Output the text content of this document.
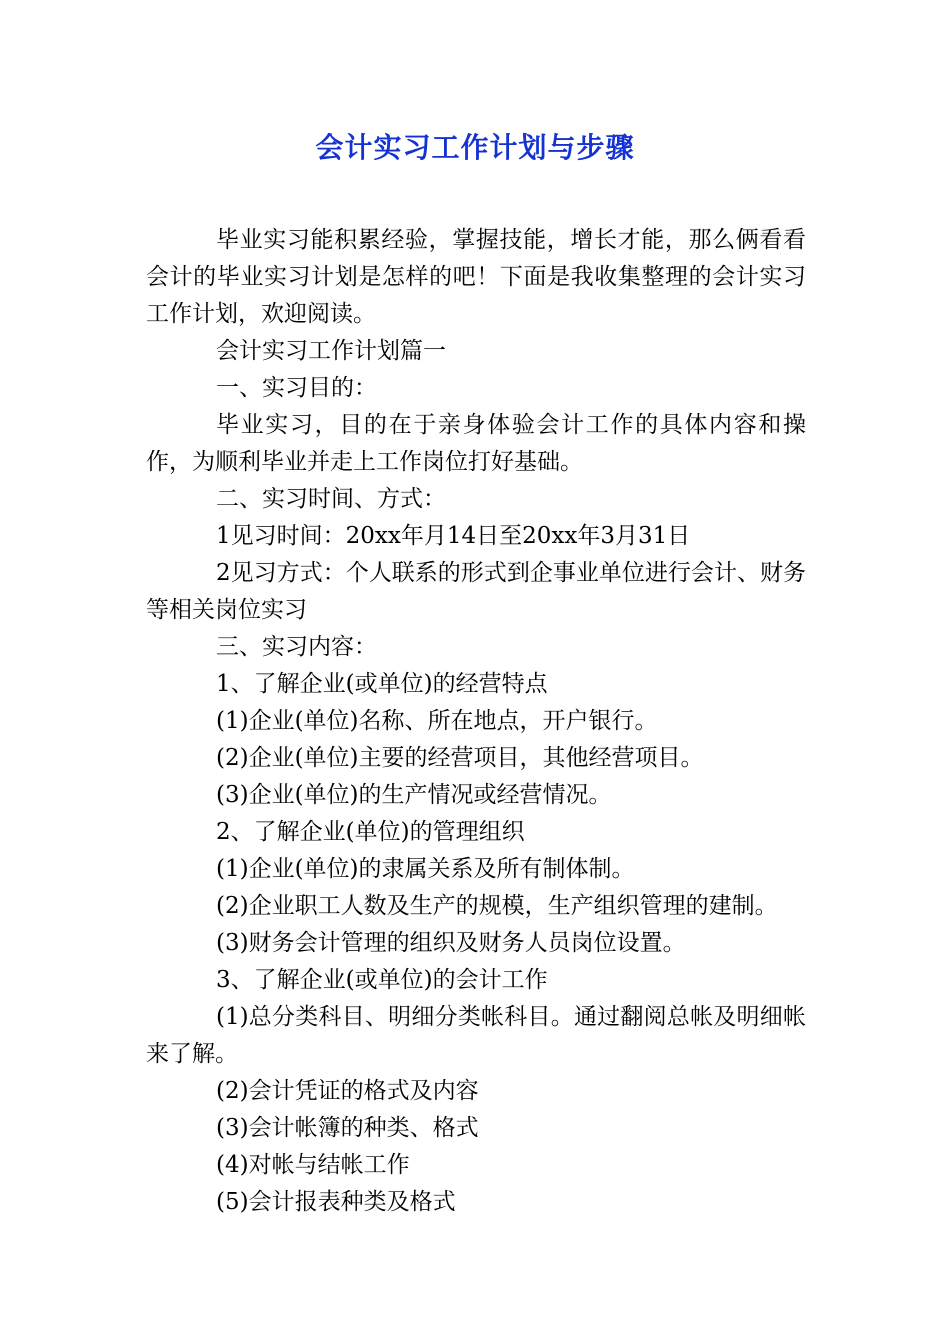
会计实习工作计划与步骤

毕业实习能积累经验，掌握技能，增长才能，那么俩看看会计的毕业实习计划是怎样的吧！下面是我收集整理的会计实习工作计划，欢迎阅读。

会计实习工作计划篇一

一、实习目的：

毕业实习，目的在于亲身体验会计工作的具体内容和操作，为顺利毕业并走上工作岗位打好基础。

二、实习时间、方式：

1见习时间：20xx年月14日至20xx年3月31日

2见习方式：个人联系的形式到企事业单位进行会计、财务等相关岗位实习

三、实习内容：

1、了解企业(或单位)的经营特点

(1)企业(单位)名称、所在地点，开户银行。

(2)企业(单位)主要的经营项目，其他经营项目。

(3)企业(单位)的生产情况或经营情况。

2、了解企业(单位)的管理组织

(1)企业(单位)的隶属关系及所有制体制。

(2)企业职工人数及生产的规模，生产组织管理的建制。

(3)财务会计管理的组织及财务人员岗位设置。

3、了解企业(或单位)的会计工作

(1)总分类科目、明细分类帐科目。通过翻阅总帐及明细帐来了解。

(2)会计凭证的格式及内容

(3)会计帐簿的种类、格式

(4)对帐与结帐工作

(5)会计报表种类及格式
